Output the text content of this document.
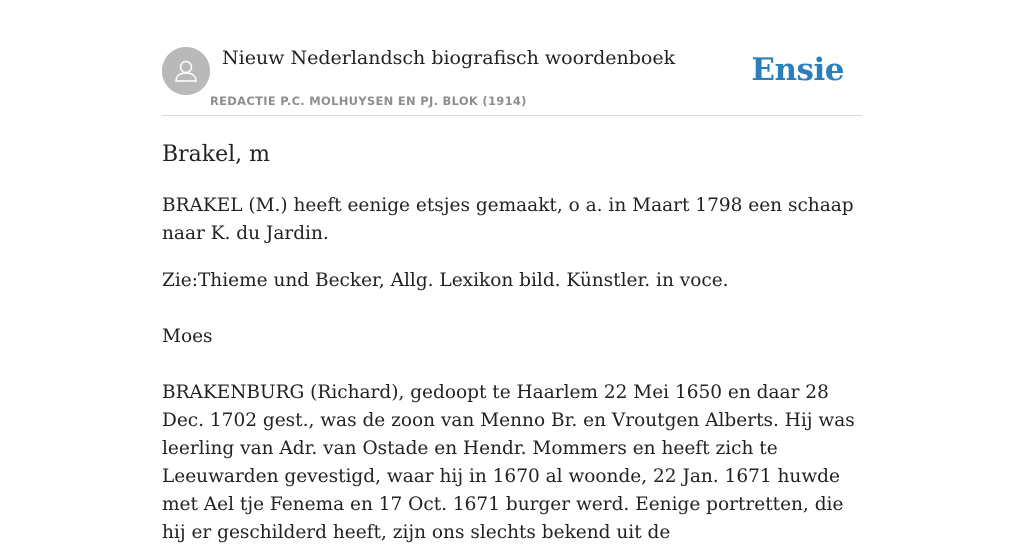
Nieuw Nederlandsch biografisch woordenboek
REDACTIE P.C. MOLHUYSEN EN PJ. BLOK (1914)
Ensie
Brakel, m

BRAKEL (M.) heeft eenige etsjes gemaakt, o a. in Maart 1798 een schaap naar K. du Jardin.

Zie:Thieme und Becker, Allg. Lexikon bild. Künstler. in voce.

Moes

BRAKENBURG (Richard), gedoopt te Haarlem 22 Mei 1650 en daar 28 Dec. 1702 gest., was de zoon van Menno Br. en Vroutgen Alberts. Hij was leerling van Adr. van Ostade en Hendr. Mommers en heeft zich te Leeuwarden gevestigd, waar hij in 1670 al woonde, 22 Jan. 1671 huwde met Ael tje Fenema en 17 Oct. 1671 burger werd. Eenige portretten, die hij er geschilderd heeft, zijn ons slechts bekend uit de
